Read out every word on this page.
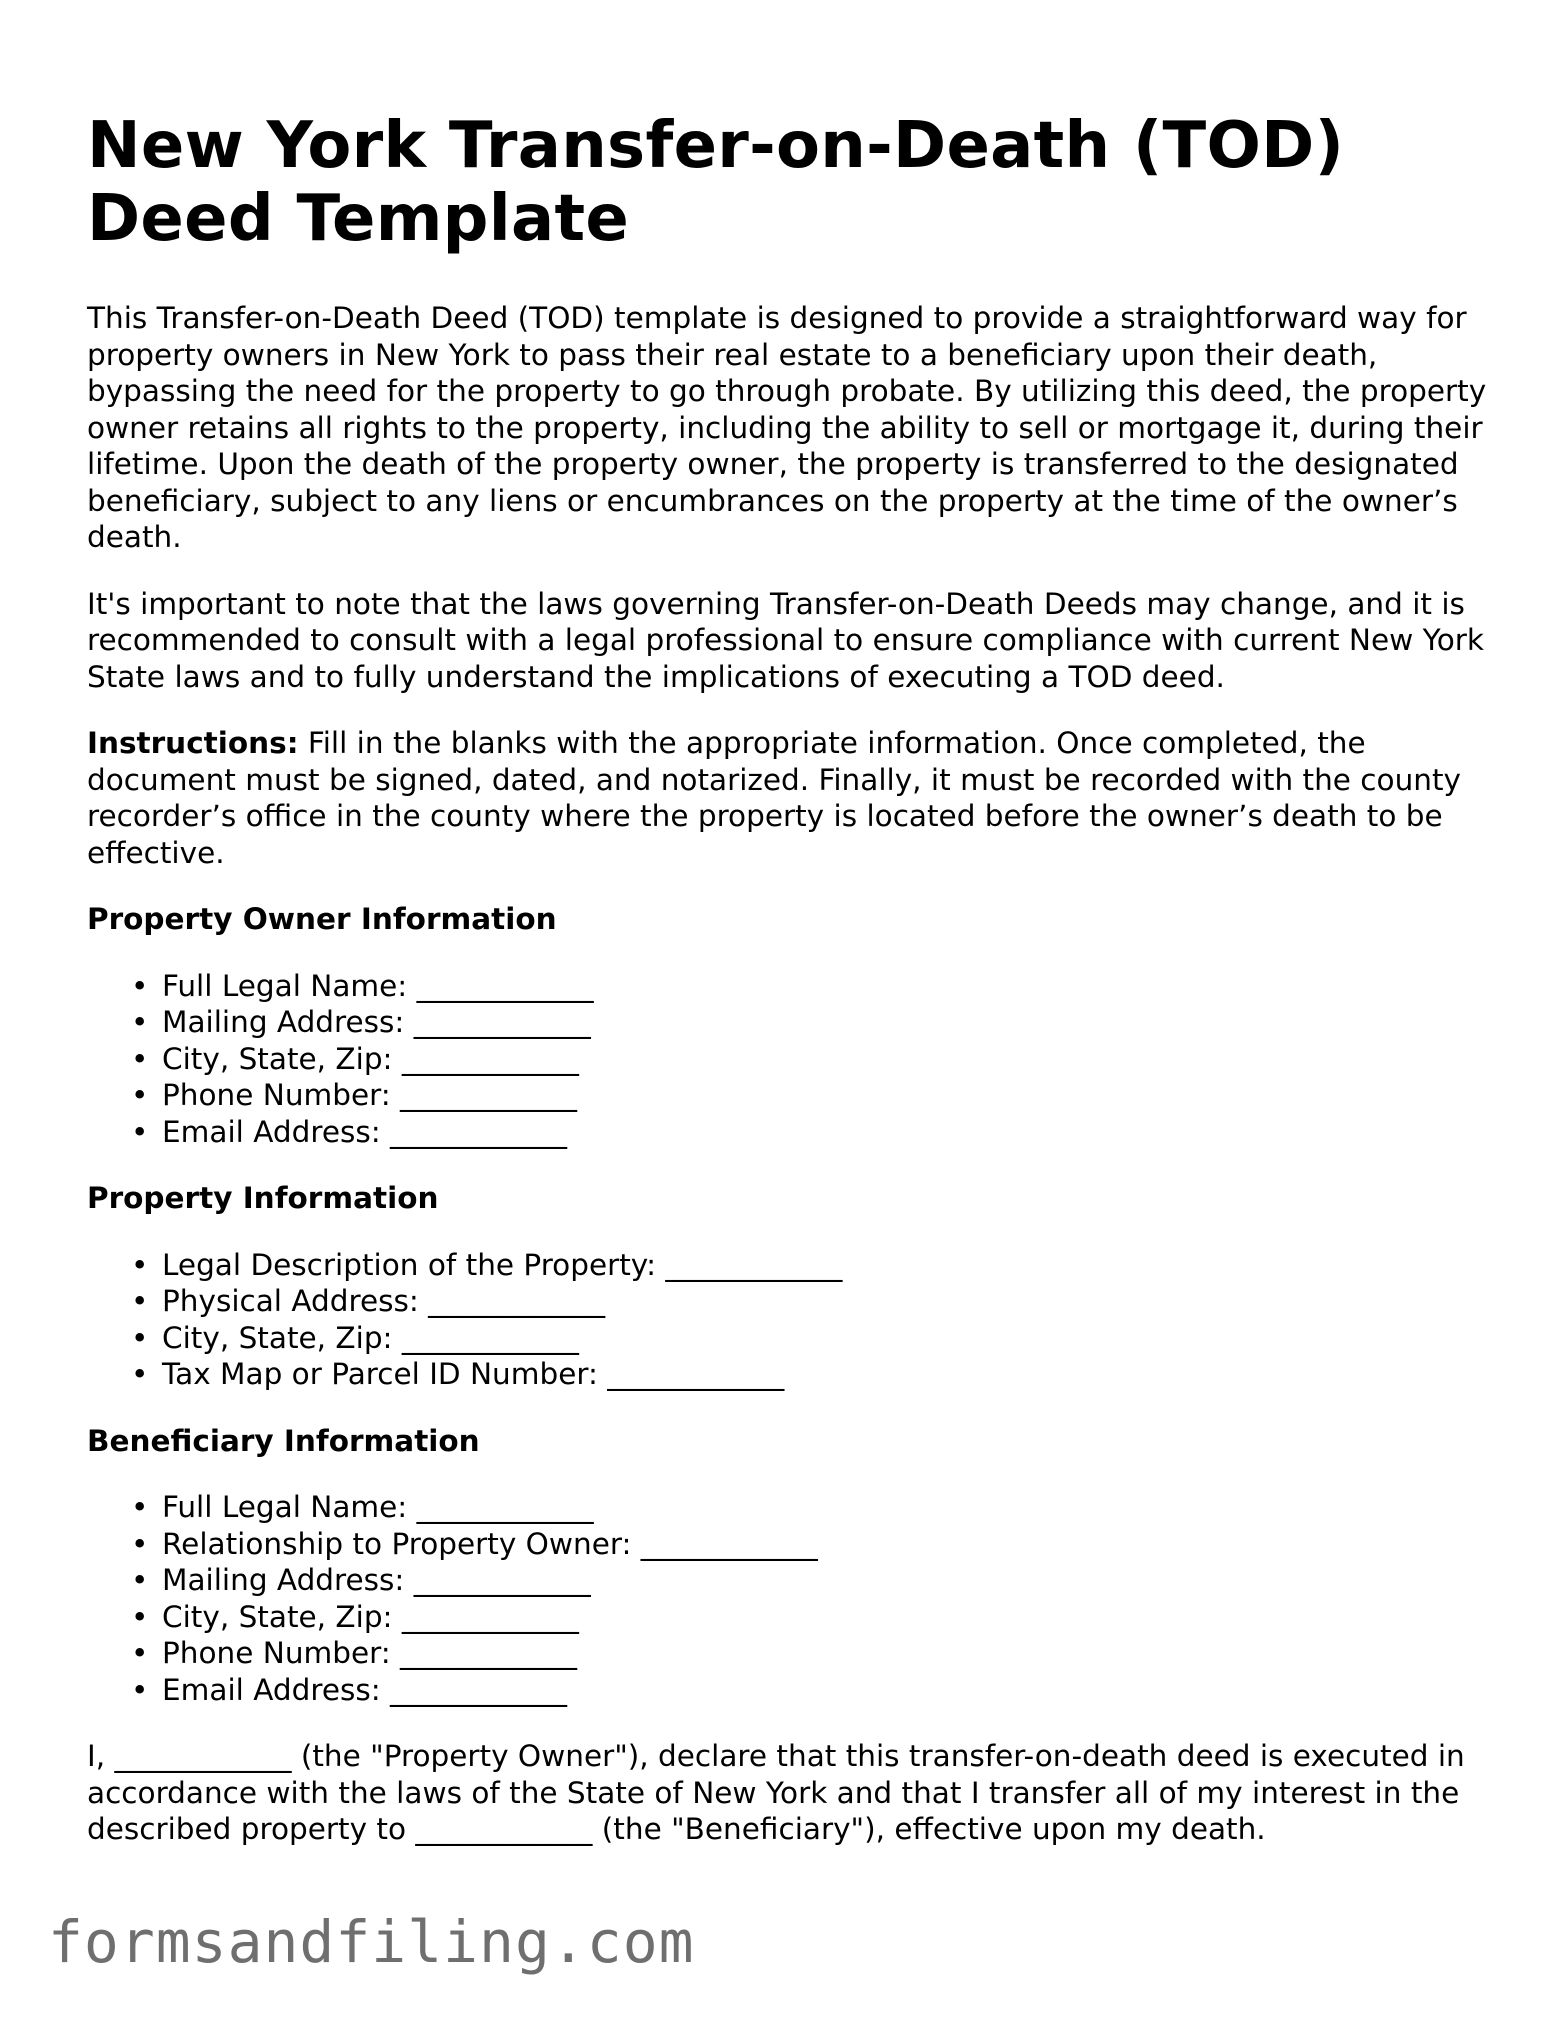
New York Transfer-on-Death (TOD) Deed Template

This Transfer-on-Death Deed (TOD) template is designed to provide a straightforward way for property owners in New York to pass their real estate to a beneficiary upon their death, bypassing the need for the property to go through probate. By utilizing this deed, the property owner retains all rights to the property, including the ability to sell or mortgage it, during their lifetime. Upon the death of the property owner, the property is transferred to the designated beneficiary, subject to any liens or encumbrances on the property at the time of the owner’s death.

It's important to note that the laws governing Transfer-on-Death Deeds may change, and it is recommended to consult with a legal professional to ensure compliance with current New York State laws and to fully understand the implications of executing a TOD deed.

Instructions: Fill in the blanks with the appropriate information. Once completed, the document must be signed, dated, and notarized. Finally, it must be recorded with the county recorder’s office in the county where the property is located before the owner’s death to be effective.

Property Owner Information
• Full Legal Name: ____________
• Mailing Address: ____________
• City, State, Zip: ____________
• Phone Number: ____________
• Email Address: ____________
Property Information
• Legal Description of the Property: ____________
• Physical Address: ____________
• City, State, Zip: ____________
• Tax Map or Parcel ID Number: ____________
Beneficiary Information
• Full Legal Name: ____________
• Relationship to Property Owner: ____________
• Mailing Address: ____________
• City, State, Zip: ____________
• Phone Number: ____________
• Email Address: ____________

I, ____________ (the "Property Owner"), declare that this transfer-on-death deed is executed in accordance with the laws of the State of New York and that I transfer all of my interest in the described property to ____________ (the "Beneficiary"), effective upon my death.

formsandfiling.com
